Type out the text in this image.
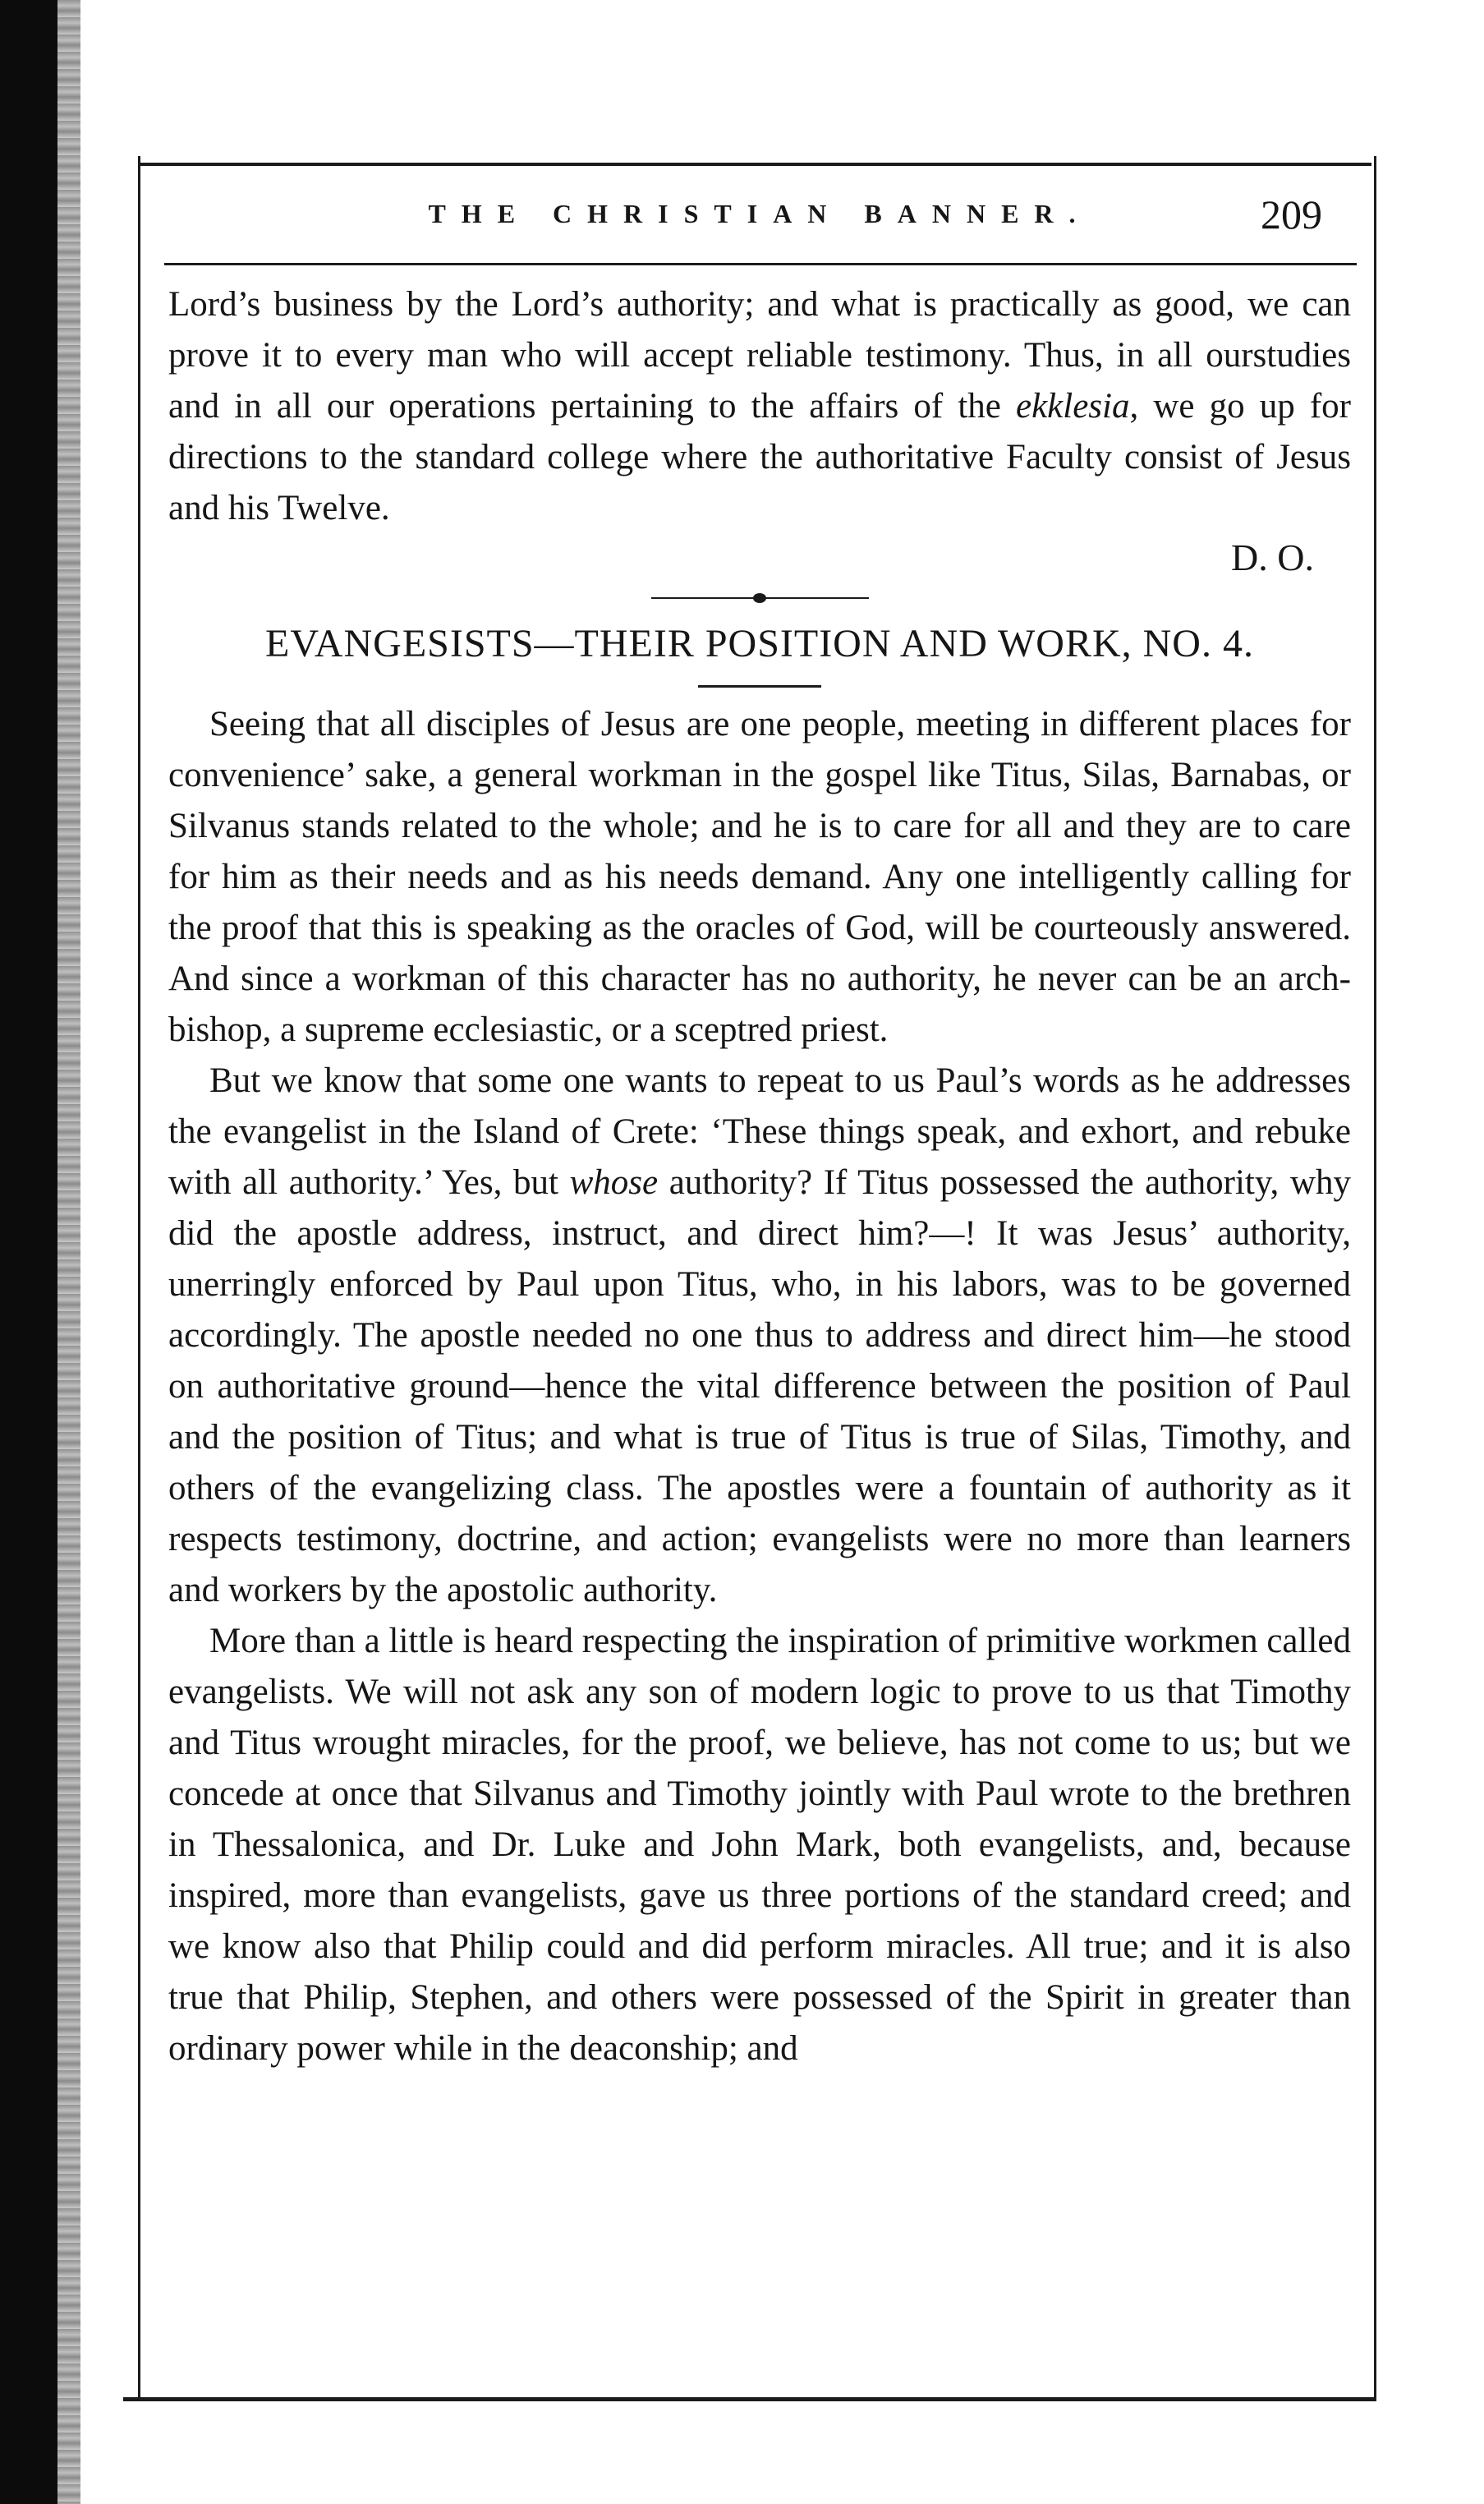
THE CHRISTIAN BANNER.	209

Lord’s business by the Lord’s authority; and what is practically as good, we can prove it to every man who will accept reliable testimony. Thus, in all ourstudies and in all our operations pertaining to the affairs of the ekklesia, we go up for directions to the standard college where the authoritative Faculty consist of Jesus and his Twelve.

D. O.
EVANGESISTS—THEIR POSITION AND WORK, NO. 4.

Seeing that all disciples of Jesus are one people, meeting in different places for convenience’ sake, a general workman in the gospel like Titus, Silas, Barnabas, or Silvanus stands related to the whole; and he is to care for all and they are to care for him as their needs and as his needs demand. Any one intelligently calling for the proof that this is speaking as the oracles of God, will be courteously answered. And since a workman of this character has no authority, he never can be an arch-bishop, a supreme ecclesiastic, or a sceptred priest.

But we know that some one wants to repeat to us Paul’s words as he addresses the evangelist in the Island of Crete: ‘These things speak, and exhort, and rebuke with all authority.’ Yes, but whose authority? If Titus possessed the authority, why did the apostle address, instruct, and direct him?—! It was Jesus’ authority, unerringly enforced by Paul upon Titus, who, in his labors, was to be governed accordingly. The apostle needed no one thus to address and direct him—he stood on authoritative ground—hence the vital difference between the position of Paul and the position of Titus; and what is true of Titus is true of Silas, Timothy, and others of the evangelizing class. The apostles were a fountain of authority as it respects testimony, doctrine, and action; evangelists were no more than learners and workers by the apostolic authority.

More than a little is heard respecting the inspiration of primitive workmen called evangelists. We will not ask any son of modern logic to prove to us that Timothy and Titus wrought miracles, for the proof, we believe, has not come to us; but we concede at once that Silvanus and Timothy jointly with Paul wrote to the brethren in Thessalonica, and Dr. Luke and John Mark, both evangelists, and, because inspired, more than evangelists, gave us three portions of the standard creed; and we know also that Philip could and did perform miracles. All true; and it is also true that Philip, Stephen, and others were possessed of the Spirit in greater than ordinary power while in the deaconship; and
